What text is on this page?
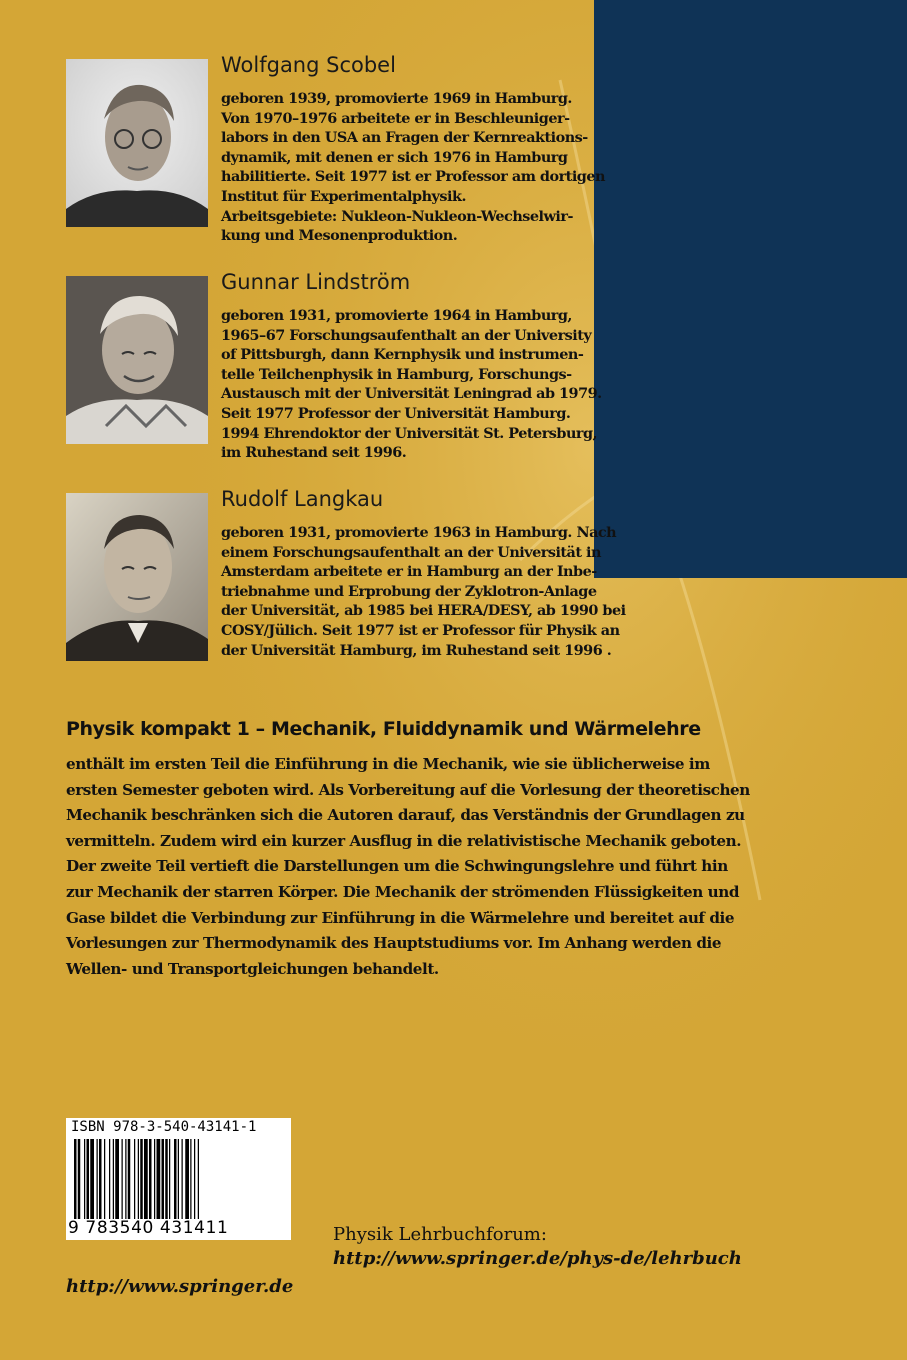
Wolfgang Scobel
geboren 1939, promovierte 1969 in Hamburg.
Von 1970–1976 arbeitete er in Beschleuniger-
labors in den USA an Fragen der Kernreaktions-
dynamik, mit denen er sich 1976 in Hamburg
habilitierte. Seit 1977 ist er Professor am dortigen
Institut für Experimentalphysik.
Arbeitsgebiete: Nukleon-Nukleon-Wechselwir-
kung und Mesonenproduktion.
Gunnar Lindström
geboren 1931, promovierte 1964 in Hamburg,
1965–67 Forschungsaufenthalt an der University
of Pittsburgh, dann Kernphysik und instrumen-
telle Teilchenphysik in Hamburg, Forschungs-
Austausch mit der Universität Leningrad ab 1979.
Seit 1977 Professor der Universität Hamburg.
1994 Ehrendoktor der Universität St. Petersburg,
im Ruhestand seit 1996.
Rudolf Langkau
geboren 1931, promovierte 1963 in Hamburg. Nach
einem Forschungsaufenthalt an der Universität in
Amsterdam arbeitete er in Hamburg an der Inbe-
triebnahme und Erprobung der Zyklotron-Anlage
der Universität, ab 1985 bei HERA/DESY, ab 1990 bei
COSY/Jülich. Seit 1977 ist er Professor für Physik an
der Universität Hamburg, im Ruhestand seit 1996 .
Physik kompakt 1 – Mechanik, Fluiddynamik und Wärmelehre
enthält im ersten Teil die Einführung in die Mechanik, wie sie üblicherweise im
ersten Semester geboten wird. Als Vorbereitung auf die Vorlesung der theoretischen
Mechanik beschränken sich die Autoren darauf, das Verständnis der Grundlagen zu
vermitteln. Zudem wird ein kurzer Ausflug in die relativistische Mechanik geboten.
Der zweite Teil vertieft die Darstellungen um die Schwingungslehre und führt hin
zur Mechanik der starren Körper. Die Mechanik der strömenden Flüssigkeiten und
Gase bildet die Verbindung zur Einführung in die Wärmelehre und bereitet auf die
Vorlesungen zur Thermodynamik des Hauptstudiums vor. Im Anhang werden die
Wellen- und Transportgleichungen behandelt.
ISBN 978-3-540-43141-1
9 783540 431411	Physik Lehrbuchforum:
http://www.springer.de/phys-de/lehrbuch
http://www.springer.de
